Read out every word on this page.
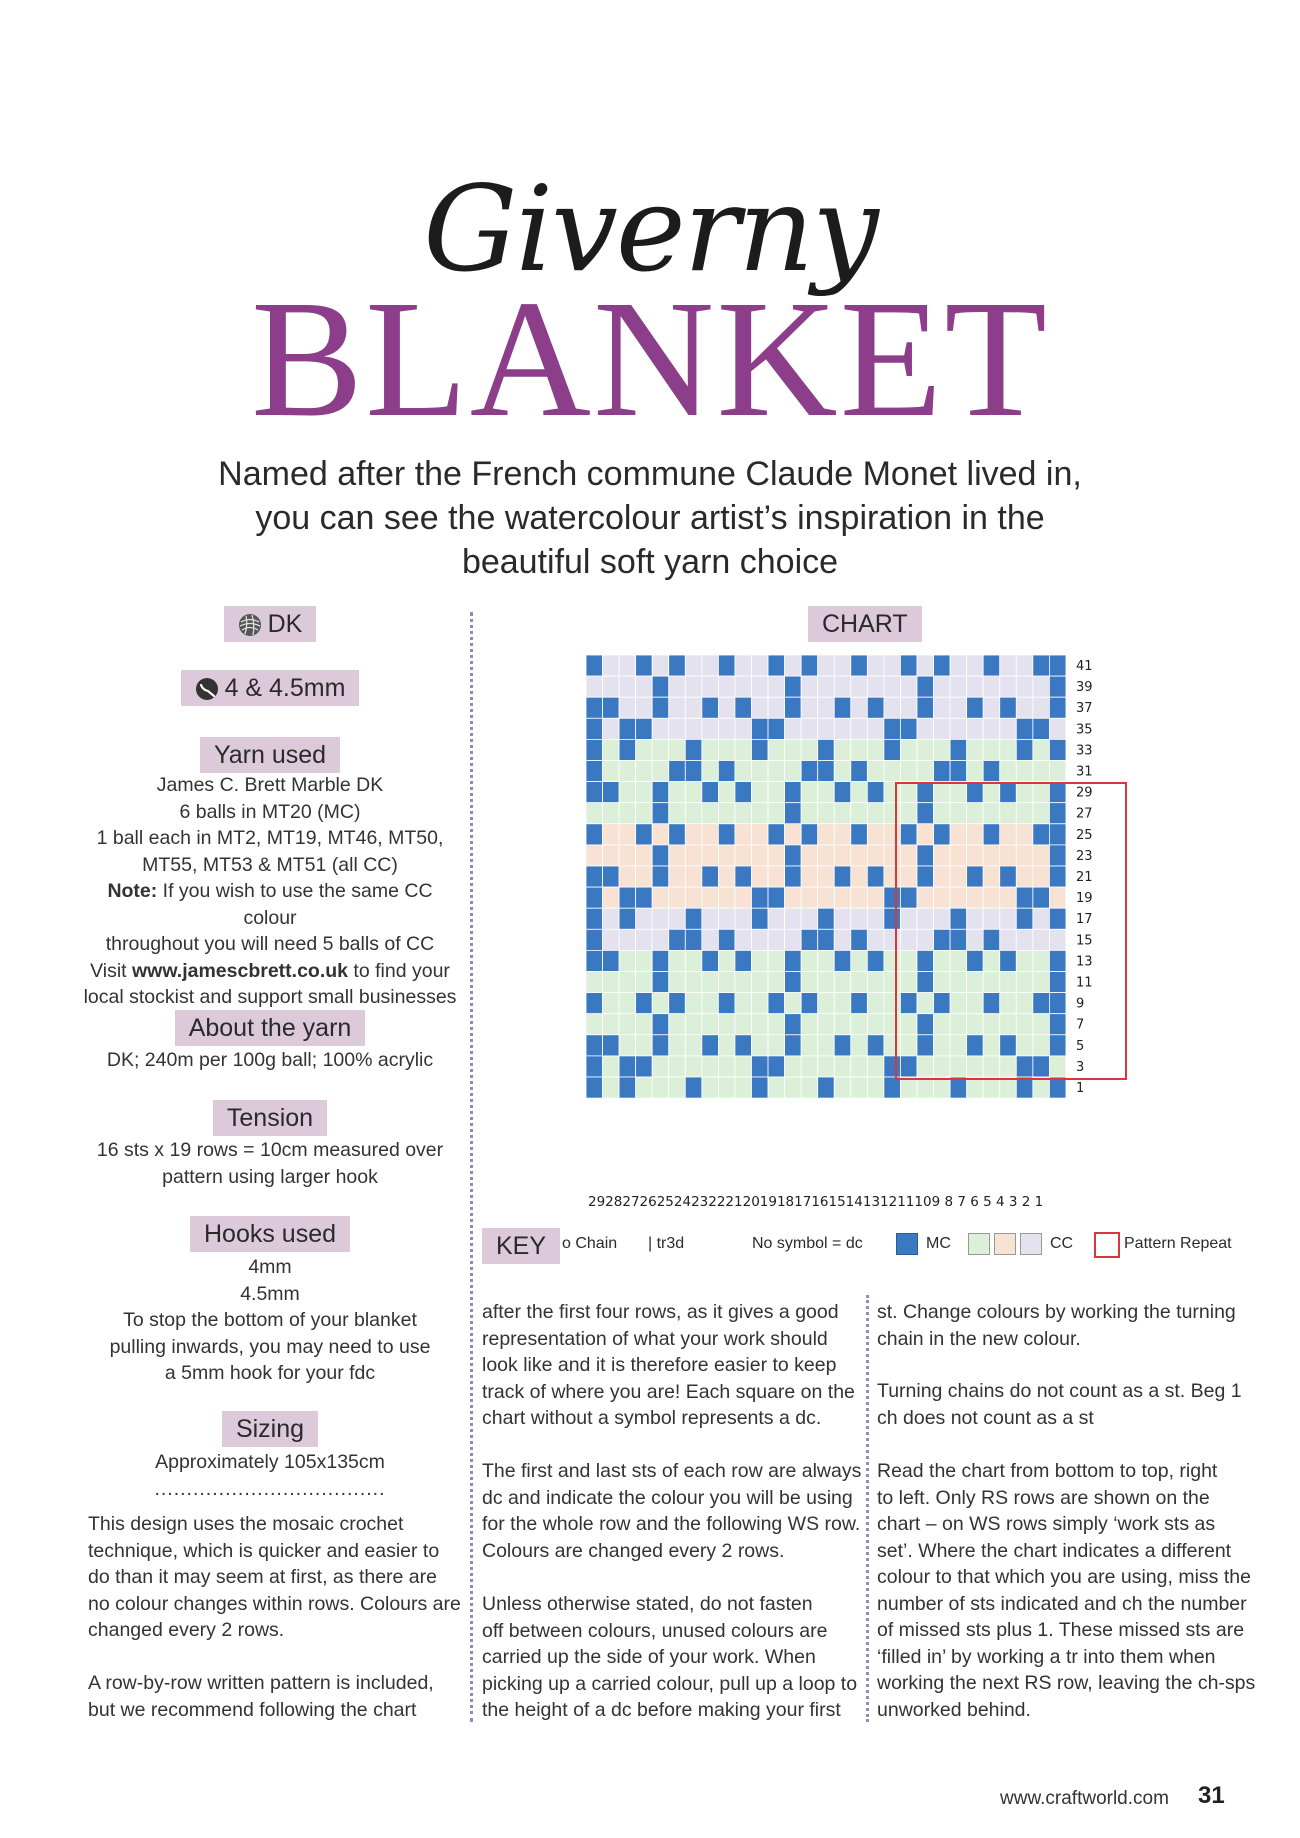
Giverny
BLANKET
Named after the French commune Claude Monet lived in,
you can see the watercolour artist’s inspiration in the
beautiful soft yarn choice
DK
4 & 4.5mm
Yarn used
James C. Brett Marble DK
6 balls in MT20 (MC)
1 ball each in MT2, MT19, MT46, MT50,
MT55, MT53 & MT51 (all CC)
Note: If you wish to use the same CC colour
throughout you will need 5 balls of CC
Visit www.jamescbrett.co.uk to find your
local stockist and support small businesses
About the yarn
DK; 240m per 100g ball; 100% acrylic
Tension
16 sts x 19 rows = 10cm measured over
pattern using larger hook
Hooks used
4mm
4.5mm
To stop the bottom of your blanket
pulling inwards, you may need to use
a 5mm hook for your fdc
Sizing
Approximately 105x135cm
....................................
This design uses the mosaic crochet
technique, which is quicker and easier to
do than it may seem at first, as there are
no colour changes within rows. Colours are
changed every 2 rows.
A row-by-row written pattern is included,
but we recommend following the chart
CHART
41
39
37
35
33
31
29
27
25
23
21
19
17
15
13
11
9
7
5
3
1
29282726252423222120191817161514131211109 8 7 6 5 4 3 2 1
KEY o Chain | tr3d	No symbol = dc	MC	CC	Pattern Repeat
after the first four rows, as it gives a good
representation of what your work should
look like and it is therefore easier to keep
track of where you are! Each square on the
chart without a symbol represents a dc.
The first and last sts of each row are always
dc and indicate the colour you will be using
for the whole row and the following WS row.
Colours are changed every 2 rows.
Unless otherwise stated, do not fasten
off between colours, unused colours are
carried up the side of your work. When
picking up a carried colour, pull up a loop to
the height of a dc before making your first
st. Change colours by working the turning
chain in the new colour.
Turning chains do not count as a st. Beg 1
ch does not count as a st
Read the chart from bottom to top, right
to left. Only RS rows are shown on the
chart – on WS rows simply ‘work sts as
set’. Where the chart indicates a different
colour to that which you are using, miss the
number of sts indicated and ch the number
of missed sts plus 1. These missed sts are
‘filled in’ by working a tr into them when
working the next RS row, leaving the ch-sps
unworked behind.
www.craftworld.com 31
